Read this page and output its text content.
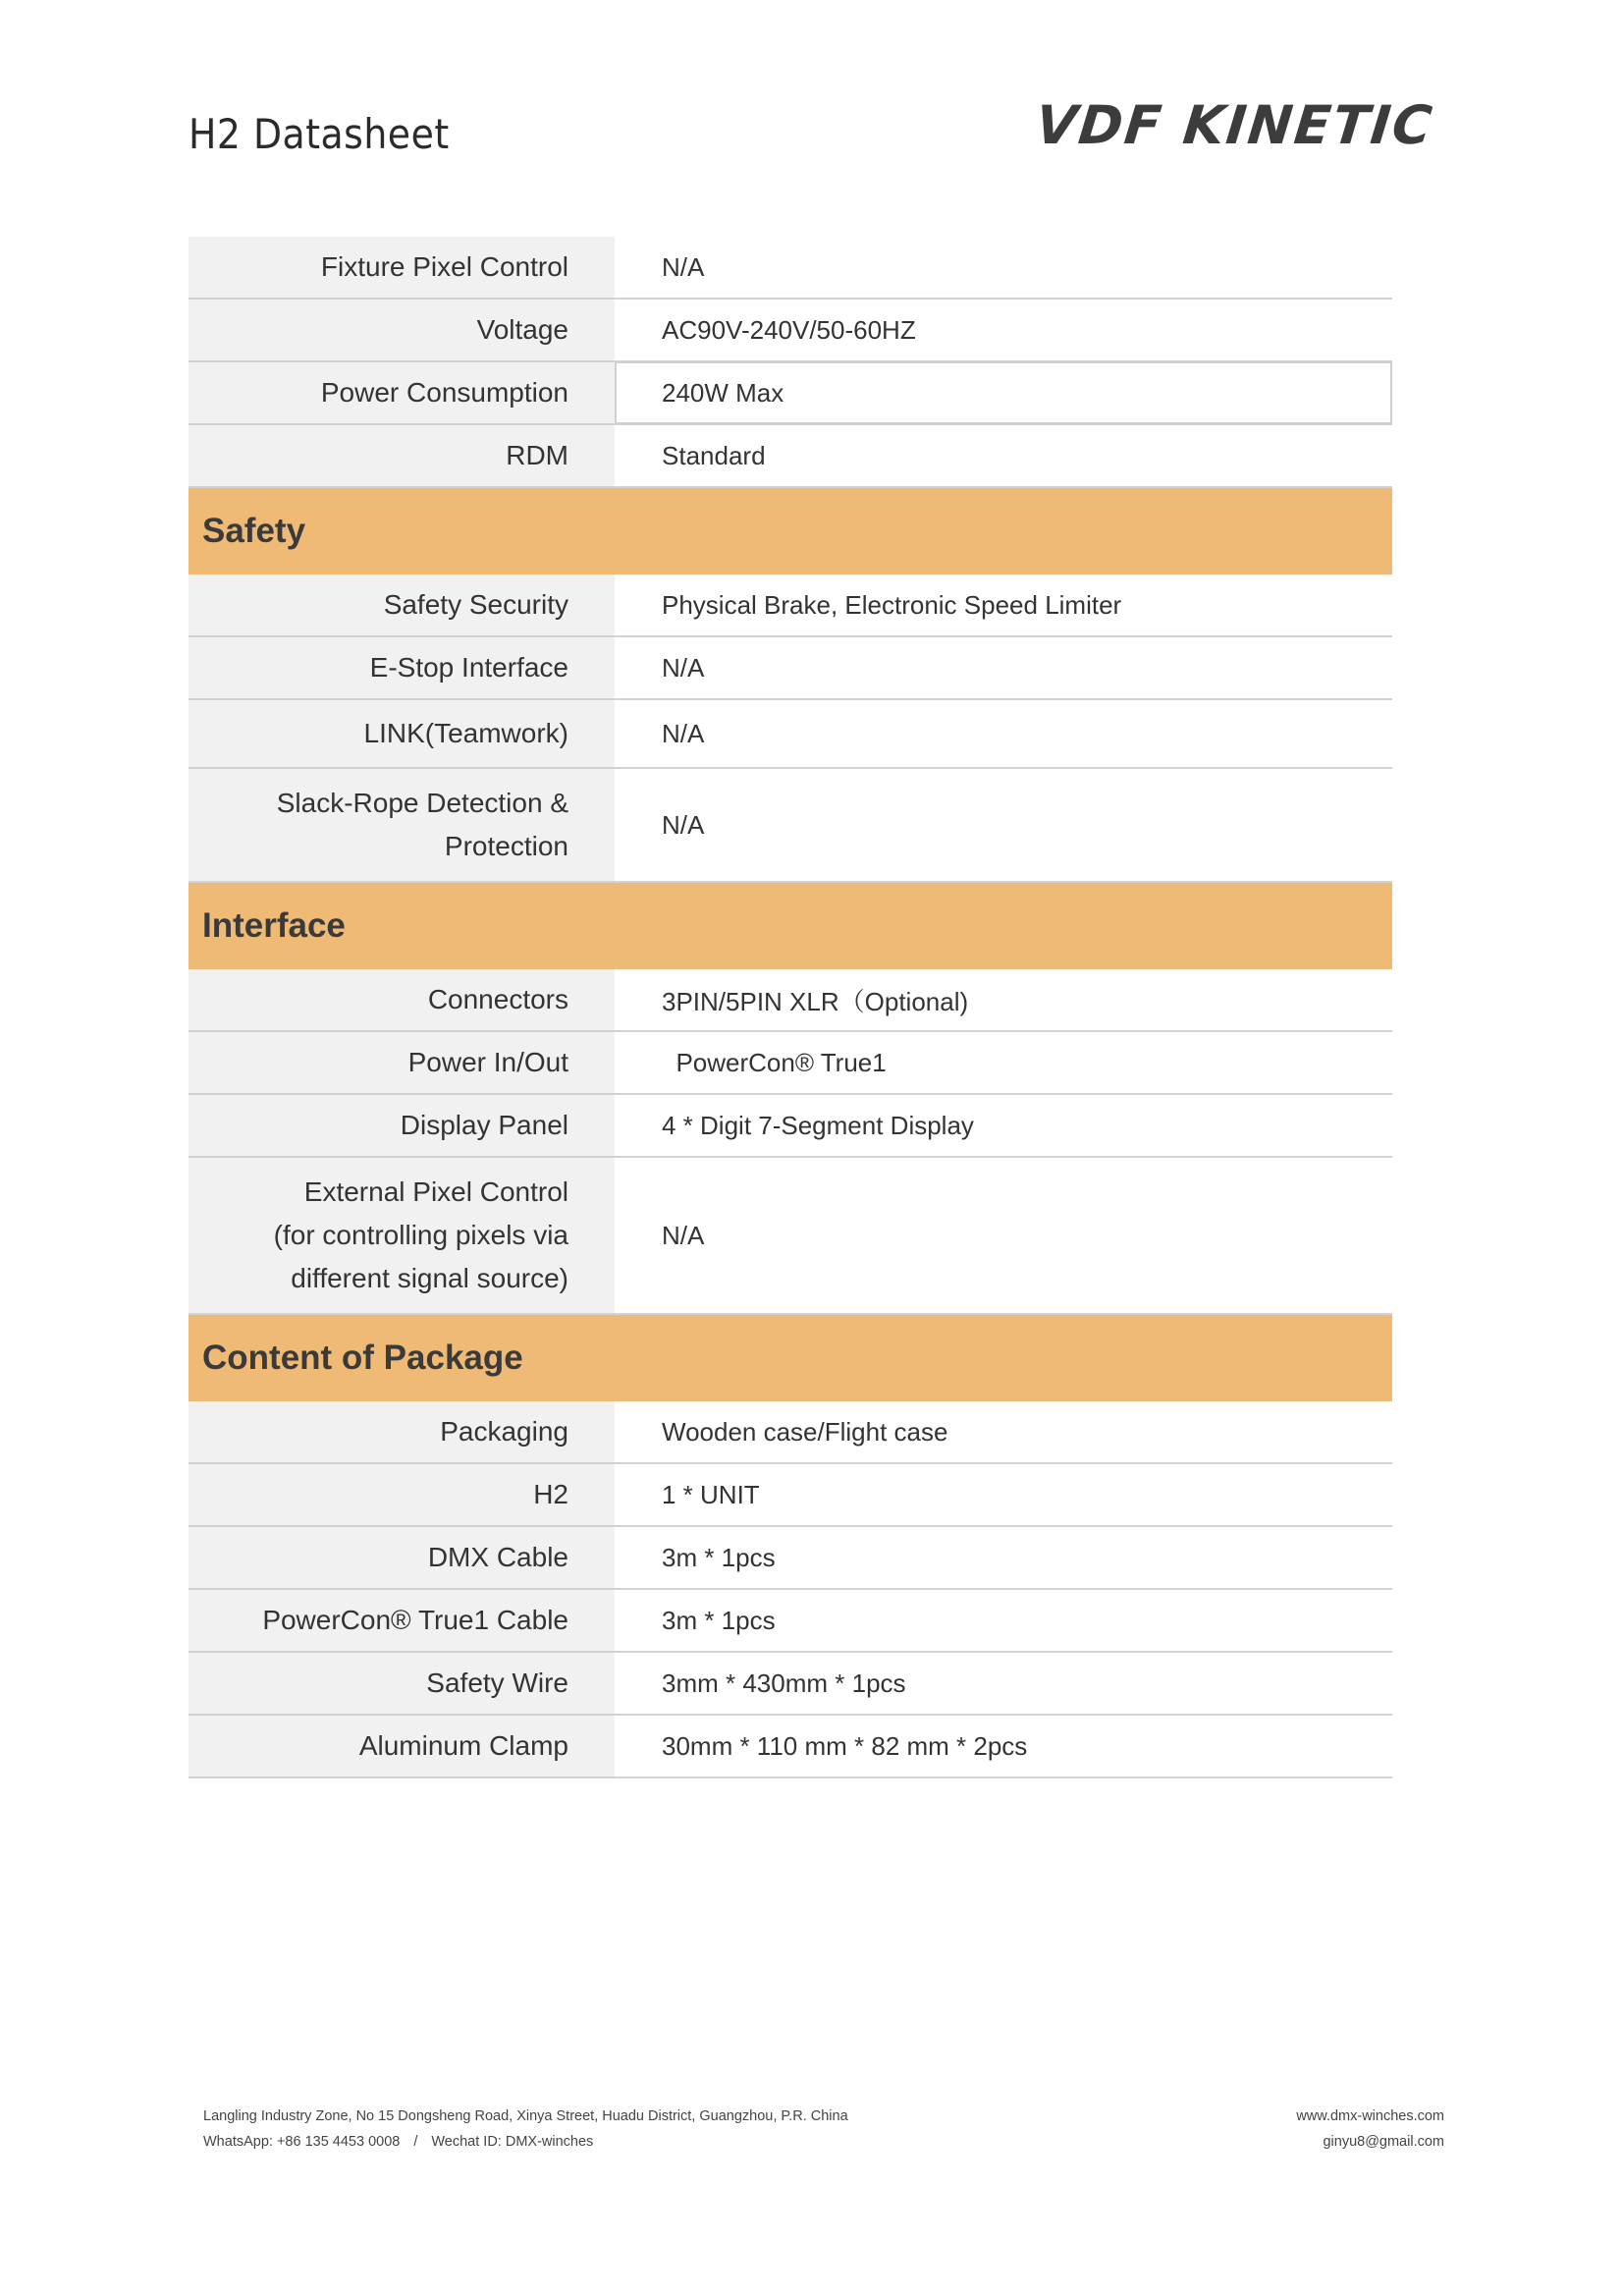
H2 Datasheet	VDF KINETIC
Fixture Pixel Control	N/A
Voltage	AC90V-240V/50-60HZ
Power Consumption	240W Max
RDM	Standard
Safety	
Safety Security	Physical Brake, Electronic Speed Limiter
E-Stop Interface	N/A
LINK(Teamwork)	N/A

Slack-Rope Detection &
Protection	N/A
Interface	
Connectors	3PIN/5PIN XLR（Optional)
Power In/Out	PowerCon® True1
Display Panel	4 * Digit 7-Segment Display

External Pixel Control
(for controlling pixels via
different signal source)	N/A
Content of Package	
Packaging	Wooden case/Flight case
H2	1 * UNIT
DMX Cable	3m * 1pcs
PowerCon® True1 Cable	3m * 1pcs
Safety Wire	3mm * 430mm * 1pcs
Aluminum Clamp	30mm * 110 mm * 82 mm * 2pcs
Langling Industry Zone, No 15 Dongsheng Road, Xinya Street, Huadu District, Guangzhou, P.R. China
WhatsApp: +86 135 4453 0008 / Wechat ID: DMX-winches
www.dmx-winches.com
ginyu8@gmail.com
